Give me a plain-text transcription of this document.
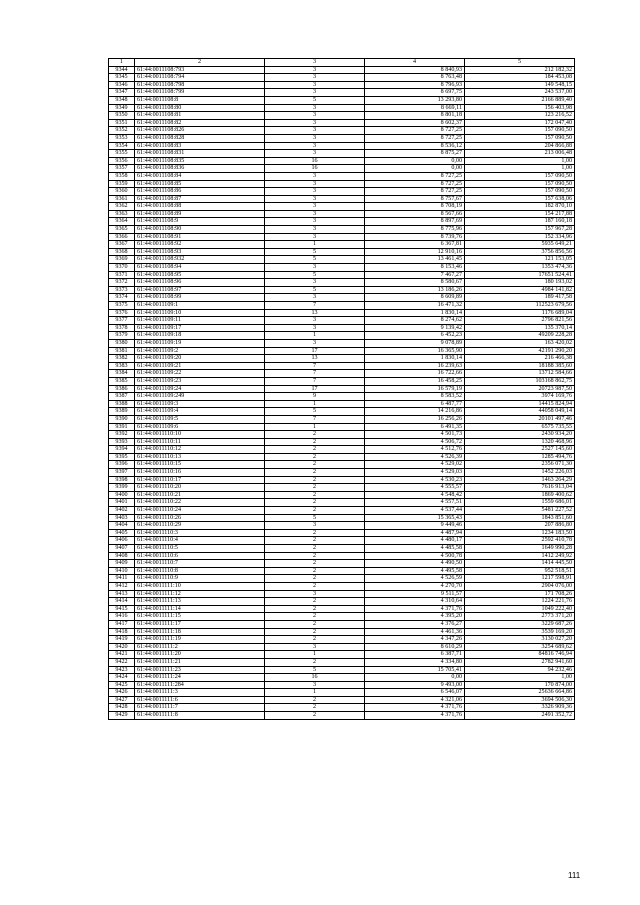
1	2	3	4	5
9344	61:44:0011108:793	3	8 840,93	212 182,32
9345	61:44:0011108:794	3	8 763,48	184 453,08
9346	61:44:0011108:798	3	8 796,93	149 548,15
9347	61:44:0011108:799	3	8 697,75	243 537,00
9348	61:44:0011108:8	5	13 293,80	2166 889,40
9349	61:44:0011108:80	3	8 669,11	156 403,98
9350	61:44:0011108:81	3	8 801,18	123 216,52
9351	61:44:0011108:82	3	8 602,37	172 047,40
9352	61:44:0011108:826	3	8 727,25	157 090,50
9353	61:44:0011108:828	3	8 727,25	157 090,50
9354	61:44:0011108:83	3	8 536,12	204 866,88
9355	61:44:0011108:831	3	8 875,27	213 006,48
9356	61:44:0011108:835	16	0,00	1,00
9357	61:44:0011108:836	16	0,00	1,00
9358	61:44:0011108:84	3	8 727,25	157 090,50
9359	61:44:0011108:85	3	8 727,25	157 090,50
9360	61:44:0011108:86	3	8 727,25	157 090,50
9361	61:44:0011108:87	3	8 757,67	157 638,06
9362	61:44:0011108:88	3	8 708,19	182 870,10
9363	61:44:0011108:89	3	8 567,66	154 217,88
9364	61:44:0011108:9	3	8 897,69	187 160,18
9365	61:44:0011108:90	3	8 775,96	157 967,28
9366	61:44:0011108:91	3	8 739,76	152 334,96
9367	61:44:0011108:92	1	6 367,81	5935 649,21
9368	61:44:0011108:93	5	12 910,16	3756 856,56
9369	61:44:0011108:932	5	13 461,45	121 153,05
9370	61:44:0011108:94	3	8 153,46	1353 474,36
9371	61:44:0011108:95	5	7 467,27	17651 524,41
9372	61:44:0011108:96	3	8 580,67	180 193,02
9373	61:44:0011108:97	5	13 186,26	4984 141,82
9374	61:44:0011108:99	3	8 609,89	189 417,58
9375	61:44:0011109:1	7	16 471,32	112523 679,56
9376	61:44:0011109:10	13	1 830,14	1176 689,04
9377	61:44:0011109:11	3	8 274,62	2796 821,56
9378	61:44:0011109:17	3	9 139,42	135 370,14
9379	61:44:0011109:18	1	6 452,23	49209 228,28
9380	61:44:0011109:19	3	9 078,89	163 420,02
9381	61:44:0011109:2	17	16 365,90	42191 290,20
9382	61:44:0011109:20	13	1 830,14	216 466,38
9383	61:44:0011109:21	7	16 239,63	18188 385,60
9384	61:44:0011109:22	7	16 722,66	13712 584,66
9385	61:44:0011109:23	7	16 458,25	103168 862,75
9386	61:44:0011109:24	17	16 579,19	20723 987,50
9387	61:44:0011109:249	9	8 583,52	3974 169,76
9388	61:44:0011109:3	1	6 487,77	14415 824,94
9389	61:44:0011109:4	5	14 216,86	44058 049,14
9390	61:44:0011109:5	7	16 256,26	20101 497,46
9391	61:44:0011109:6	1	6 491,35	6575 735,55
9392	61:44:0011110:10	2	4 501,73	2430 934,20
9393	61:44:0011110:11	2	4 506,72	1320 468,96
9394	61:44:0011110:12	2	4 512,76	2527 145,60
9395	61:44:0011110:13	2	4 526,39	1285 494,76
9396	61:44:0011110:15	2	4 529,02	2356 071,30
9397	61:44:0011110:16	2	4 529,03	1452 226,03
9398	61:44:0011110:17	2	4 530,23	1463 264,29
9399	61:44:0011110:20	2	4 555,57	7616 913,04
9400	61:44:0011110:21	2	4 548,42	1869 400,62
9401	61:44:0011110:22	2	4 557,51	1559 686,01
9402	61:44:0011110:24	2	4 537,44	5481 227,52
9403	61:44:0011110:26	5	15 365,43	1843 851,60
9404	61:44:0011110:29	3	9 449,46	207 886,80
9405	61:44:0011110:3	2	4 487,94	1234 183,50
9406	61:44:0011110:4	2	4 480,17	2592 410,78
9407	61:44:0011110:5	2	4 485,58	1649 990,28
9408	61:44:0011110:6	2	4 500,78	1412 249,92
9409	61:44:0011110:7	2	4 490,50	1414 445,50
9410	61:44:0011110:8	2	4 495,58	952 518,51
9411	61:44:0011110:9	2	4 526,59	1217 598,91
9412	61:44:0011111:10	2	4 270,70	2904 076,00
9413	61:44:0011111:12	3	9 511,57	171 708,26
9414	61:44:0011111:13	2	4 310,64	1224 221,76
9415	61:44:0011111:14	2	4 371,76	1049 222,40
9416	61:44:0011111:15	2	4 395,20	2773 371,20
9417	61:44:0011111:17	2	4 376,27	3229 687,26
9418	61:44:0011111:18	2	4 461,36	3539 169,20
9419	61:44:0011111:19	2	4 347,26	3130 027,20
9420	61:44:0011111:2	3	8 610,29	3254 689,62
9421	61:44:0011111:20	1	6 387,71	84816 746,94
9422	61:44:0011111:21	2	4 334,80	2782 941,60
9423	61:44:0011111:23	5	15 705,41	94 232,46
9424	61:44:0011111:24	16	0,00	1,00
9425	61:44:0011111:284	3	9 493,00	170 874,00
9426	61:44:0011111:3	1	6 546,07	25636 664,86
9427	61:44:0011111:6	2	4 321,06	3694 506,30
9428	61:44:0011111:7	2	4 371,76	3326 909,36
9429	61:44:0011111:8	2	4 371,76	2491 352,72
111
